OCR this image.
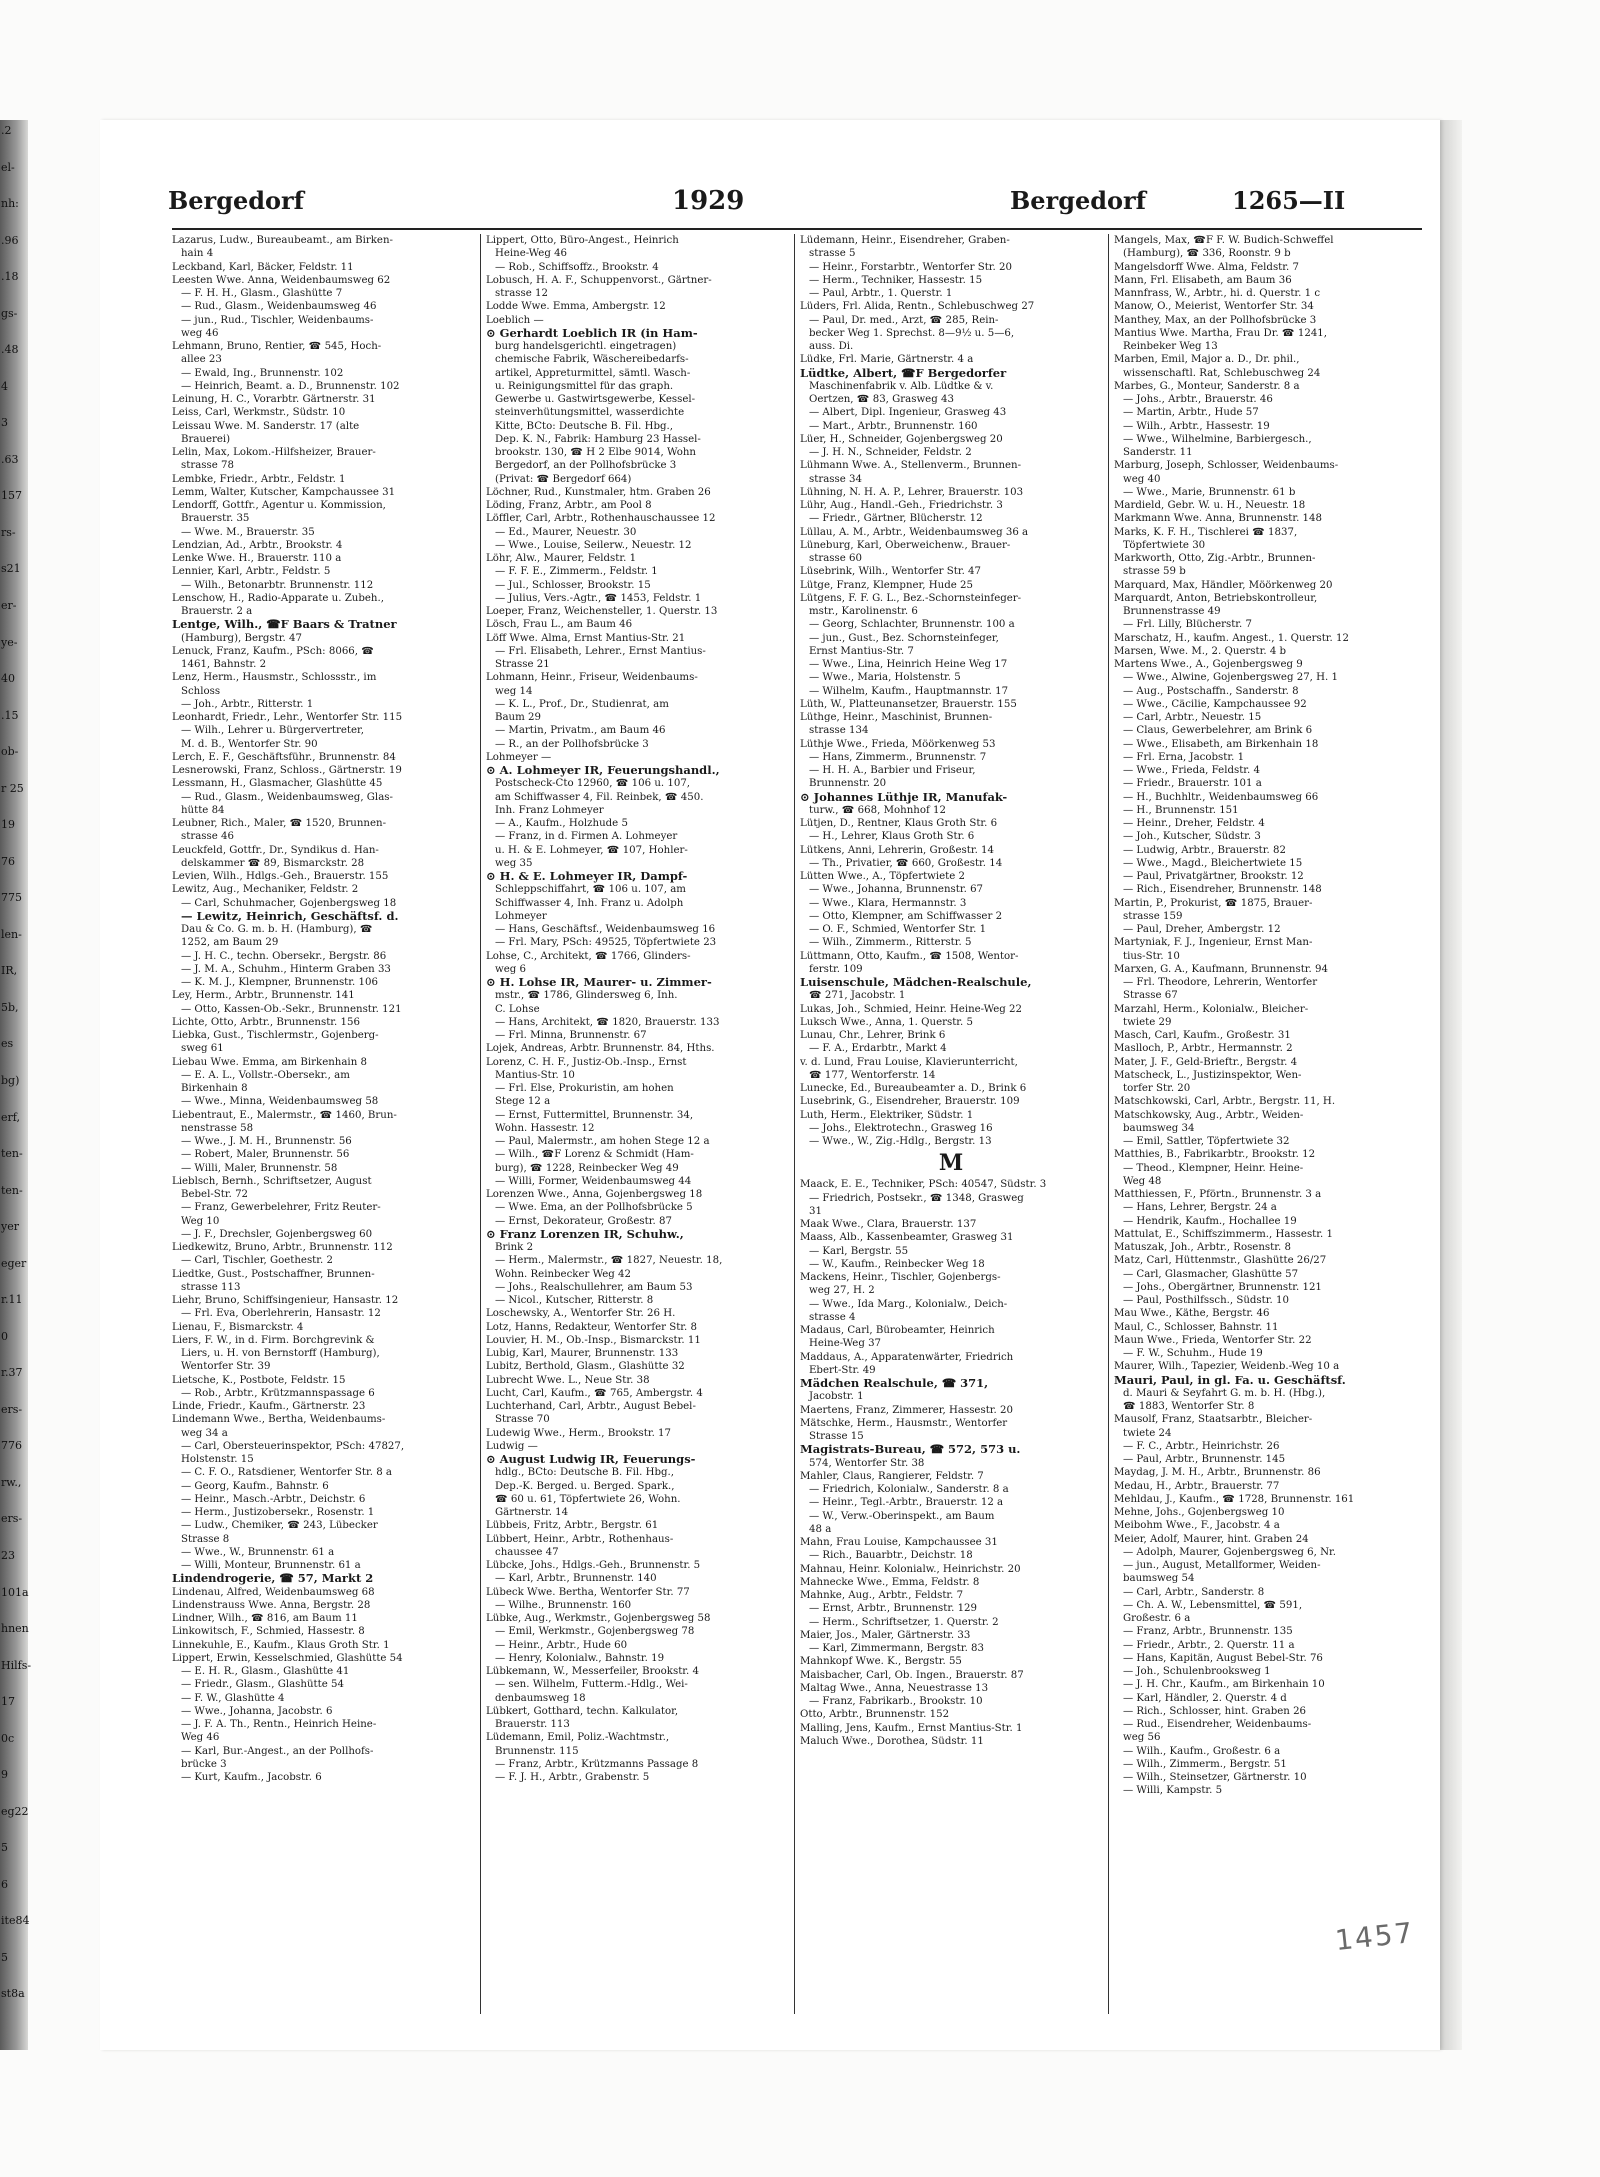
.2
el-
nh:
.96
.18
gs-
.48
4
3
.63
157
rs-
s21
er-
ye-
40
.15
ob-
r 25
19
76
775
len-
IR,
5b,
es
bg)
erf,
ten-
ten-
yer
eger
r.11
0
r.37
ers-
776
rw.,
ers-
23
101a
hnen
Hilfs-
17
0c
9
eg22
5
6
ite84
5
st8a
Bergedorf	1929	Bergedorf	1265—II
Lazarus, Ludw., Bureaubeamt., am Birken-
hain 4
Leckband, Karl, Bäcker, Feldstr. 11
Leesten Wwe. Anna, Weidenbaumsweg 62
— F. H. H., Glasm., Glashütte 7
— Rud., Glasm., Weidenbaumsweg 46
— jun., Rud., Tischler, Weidenbaums-
weg 46
Lehmann, Bruno, Rentier, ☎ 545, Hoch-
allee 23
— Ewald, Ing., Brunnenstr. 102
— Heinrich, Beamt. a. D., Brunnenstr. 102
Leinung, H. C., Vorarbtr. Gärtnerstr. 31
Leiss, Carl, Werkmstr., Südstr. 10
Leissau Wwe. M. Sanderstr. 17 (alte
Brauerei)
Lelin, Max, Lokom.-Hilfsheizer, Brauer-
strasse 78
Lembke, Friedr., Arbtr., Feldstr. 1
Lemm, Walter, Kutscher, Kampchaussee 31
Lendorff, Gottfr., Agentur u. Kommission,
Brauerstr. 35
— Wwe. M., Brauerstr. 35
Lendzian, Ad., Arbtr., Brookstr. 4
Lenke Wwe. H., Brauerstr. 110 a
Lennier, Karl, Arbtr., Feldstr. 5
— Wilh., Betonarbtr. Brunnenstr. 112
Lenschow, H., Radio-Apparate u. Zubeh.,
Brauerstr. 2 a
Lentge, Wilh., ☎F Baars & Tratner
(Hamburg), Bergstr. 47
Lenuck, Franz, Kaufm., PSch: 8066, ☎
1461, Bahnstr. 2
Lenz, Herm., Hausmstr., Schlossstr., im
Schloss
— Joh., Arbtr., Ritterstr. 1
Leonhardt, Friedr., Lehr., Wentorfer Str. 115
— Wilh., Lehrer u. Bürgervertreter,
M. d. B., Wentorfer Str. 90
Lerch, E. F., Geschäftsführ., Brunnenstr. 84
Lesnerowski, Franz, Schloss., Gärtnerstr. 19
Lessmann, H., Glasmacher, Glashütte 45
— Rud., Glasm., Weidenbaumsweg, Glas-
hütte 84
Leubner, Rich., Maler, ☎ 1520, Brunnen-
strasse 46
Leuckfeld, Gottfr., Dr., Syndikus d. Han-
delskammer ☎ 89, Bismarckstr. 28
Levien, Wilh., Hdlgs.-Geh., Brauerstr. 155
Lewitz, Aug., Mechaniker, Feldstr. 2
— Carl, Schuhmacher, Gojenbergsweg 18
— Lewitz, Heinrich, Geschäftsf. d.
Dau & Co. G. m. b. H. (Hamburg), ☎
1252, am Baum 29
— J. H. C., techn. Obersekr., Bergstr. 86
— J. M. A., Schuhm., Hinterm Graben 33
— K. M. J., Klempner, Brunnenstr. 106
Ley, Herm., Arbtr., Brunnenstr. 141
— Otto, Kassen-Ob.-Sekr., Brunnenstr. 121
Lichte, Otto, Arbtr., Brunnenstr. 156
Liebka, Gust., Tischlermstr., Gojenberg-
sweg 61
Liebau Wwe. Emma, am Birkenhain 8
— E. A. L., Vollstr.-Obersekr., am
Birkenhain 8
— Wwe., Minna, Weidenbaumsweg 58
Liebentraut, E., Malermstr., ☎ 1460, Brun-
nenstrasse 58
— Wwe., J. M. H., Brunnenstr. 56
— Robert, Maler, Brunnenstr. 56
— Willi, Maler, Brunnenstr. 58
Lieblsch, Bernh., Schriftsetzer, August
Bebel-Str. 72
— Franz, Gewerbelehrer, Fritz Reuter-
Weg 10
— J. F., Drechsler, Gojenbergsweg 60
Liedkewitz, Bruno, Arbtr., Brunnenstr. 112
— Carl, Tischler, Goethestr. 2
Liedtke, Gust., Postschaffner, Brunnen-
strasse 113
Liehr, Bruno, Schiffsingenieur, Hansastr. 12
— Frl. Eva, Oberlehrerin, Hansastr. 12
Lienau, F., Bismarckstr. 4
Liers, F. W., in d. Firm. Borchgrevink &
Liers, u. H. von Bernstorff (Hamburg),
Wentorfer Str. 39
Lietsche, K., Postbote, Feldstr. 15
— Rob., Arbtr., Krützmannspassage 6
Linde, Friedr., Kaufm., Gärtnerstr. 23
Lindemann Wwe., Bertha, Weidenbaums-
weg 34 a
— Carl, Obersteuerinspektor, PSch: 47827,
Holstenstr. 15
— C. F. O., Ratsdiener, Wentorfer Str. 8 a
— Georg, Kaufm., Bahnstr. 6
— Heinr., Masch.-Arbtr., Deichstr. 6
— Herm., Justizobersekr., Rosenstr. 1
— Ludw., Chemiker, ☎ 243, Lübecker
Strasse 8
— Wwe., W., Brunnenstr. 61 a
— Willi, Monteur, Brunnenstr. 61 a
Lindendrogerie, ☎ 57, Markt 2
Lindenau, Alfred, Weidenbaumsweg 68
Lindenstrauss Wwe. Anna, Bergstr. 28
Lindner, Wilh., ☎ 816, am Baum 11
Linkowitsch, F., Schmied, Hassestr. 8
Linnekuhle, E., Kaufm., Klaus Groth Str. 1
Lippert, Erwin, Kesselschmied, Glashütte 54
— E. H. R., Glasm., Glashütte 41
— Friedr., Glasm., Glashütte 54
— F. W., Glashütte 4
— Wwe., Johanna, Jacobstr. 6
— J. F. A. Th., Rentn., Heinrich Heine-
Weg 46
— Karl, Bur.-Angest., an der Pollhofs-
brücke 3
— Kurt, Kaufm., Jacobstr. 6
Lippert, Otto, Büro-Angest., Heinrich
Heine-Weg 46
— Rob., Schiffsoffz., Brookstr. 4
Lobusch, H. A. F., Schuppenvorst., Gärtner-
strasse 12
Lodde Wwe. Emma, Ambergstr. 12
Loeblich —
⊙ Gerhardt Loeblich IR (in Ham-
burg handelsgerichtl. eingetragen)
chemische Fabrik, Wäschereibedarfs-
artikel, Appreturmittel, sämtl. Wasch-
u. Reinigungsmittel für das graph.
Gewerbe u. Gastwirtsgewerbe, Kessel-
steinverhütungsmittel, wasserdichte
Kitte, BCto: Deutsche B. Fil. Hbg.,
Dep. K. N., Fabrik: Hamburg 23 Hassel-
brookstr. 130, ☎ H 2 Elbe 9014, Wohn
Bergedorf, an der Pollhofsbrücke 3
(Privat: ☎ Bergedorf 664)
Löchner, Rud., Kunstmaler, htm. Graben 26
Löding, Franz, Arbtr., am Pool 8
Löffler, Carl, Arbtr., Rothenhauschaussee 12
— Ed., Maurer, Neuestr. 30
— Wwe., Louise, Seilerw., Neuestr. 12
Löhr, Alw., Maurer, Feldstr. 1
— F. F. E., Zimmerm., Feldstr. 1
— Jul., Schlosser, Brookstr. 15
— Julius, Vers.-Agtr., ☎ 1453, Feldstr. 1
Loeper, Franz, Weichensteller, 1. Querstr. 13
Lösch, Frau L., am Baum 46
Löff Wwe. Alma, Ernst Mantius-Str. 21
— Frl. Elisabeth, Lehrer., Ernst Mantius-
Strasse 21
Lohmann, Heinr., Friseur, Weidenbaums-
weg 14
— K. L., Prof., Dr., Studienrat, am
Baum 29
— Martin, Privatm., am Baum 46
— R., an der Pollhofsbrücke 3
Lohmeyer —
⊙ A. Lohmeyer IR, Feuerungshandl.,
Postscheck-Cto 12960, ☎ 106 u. 107,
am Schiffwasser 4, Fil. Reinbek, ☎ 450.
Inh. Franz Lohmeyer
— A., Kaufm., Holzhude 5
— Franz, in d. Firmen A. Lohmeyer
u. H. & E. Lohmeyer, ☎ 107, Hohler-
weg 35
⊙ H. & E. Lohmeyer IR, Dampf-
Schleppschiffahrt, ☎ 106 u. 107, am
Schiffwasser 4, Inh. Franz u. Adolph
Lohmeyer
— Hans, Geschäftsf., Weidenbaumsweg 16
— Frl. Mary, PSch: 49525, Töpfertwiete 23
Lohse, C., Architekt, ☎ 1766, Glinders-
weg 6
⊙ H. Lohse IR, Maurer- u. Zimmer-
mstr., ☎ 1786, Glindersweg 6, Inh.
C. Lohse
— Hans, Architekt, ☎ 1820, Brauerstr. 133
— Frl. Minna, Brunnenstr. 67
Lojek, Andreas, Arbtr. Brunnenstr. 84, Hths.
Lorenz, C. H. F., Justiz-Ob.-Insp., Ernst
Mantius-Str. 10
— Frl. Else, Prokuristin, am hohen
Stege 12 a
— Ernst, Futtermittel, Brunnenstr. 34,
Wohn. Hassestr. 12
— Paul, Malermstr., am hohen Stege 12 a
— Wilh., ☎F Lorenz & Schmidt (Ham-
burg), ☎ 1228, Reinbecker Weg 49
— Willi, Former, Weidenbaumsweg 44
Lorenzen Wwe., Anna, Gojenbergsweg 18
— Wwe. Ema, an der Pollhofsbrücke 5
— Ernst, Dekorateur, Großestr. 87
⊙ Franz Lorenzen IR, Schuhw.,
Brink 2
— Herm., Malermstr., ☎ 1827, Neuestr. 18,
Wohn. Reinbecker Weg 42
— Johs., Realschullehrer, am Baum 53
— Nicol., Kutscher, Ritterstr. 8
Loschewsky, A., Wentorfer Str. 26 H.
Lotz, Hanns, Redakteur, Wentorfer Str. 8
Louvier, H. M., Ob.-Insp., Bismarckstr. 11
Lubig, Karl, Maurer, Brunnenstr. 133
Lubitz, Berthold, Glasm., Glashütte 32
Lubrecht Wwe. L., Neue Str. 38
Lucht, Carl, Kaufm., ☎ 765, Ambergstr. 4
Luchterhand, Carl, Arbtr., August Bebel-
Strasse 70
Ludewig Wwe., Herm., Brookstr. 17
Ludwig —
⊙ August Ludwig IR, Feuerungs-
hdlg., BCto: Deutsche B. Fil. Hbg.,
Dep.-K. Berged. u. Berged. Spark.,
☎ 60 u. 61, Töpfertwiete 26, Wohn.
Gärtnerstr. 14
Lübbeis, Fritz, Arbtr., Bergstr. 61
Lübbert, Heinr., Arbtr., Rothenhaus-
chaussee 47
Lübcke, Johs., Hdlgs.-Geh., Brunnenstr. 5
— Karl, Arbtr., Brunnenstr. 140
Lübeck Wwe. Bertha, Wentorfer Str. 77
— Wilhe., Brunnenstr. 160
Lübke, Aug., Werkmstr., Gojenbergsweg 58
— Emil, Werkmstr., Gojenbergsweg 78
— Heinr., Arbtr., Hude 60
— Henry, Kolonialw., Bahnstr. 19
Lübkemann, W., Messerfeiler, Brookstr. 4
— sen. Wilhelm, Futterm.-Hdlg., Wei-
denbaumsweg 18
Lübkert, Gotthard, techn. Kalkulator,
Brauerstr. 113
Lüdemann, Emil, Poliz.-Wachtmstr.,
Brunnenstr. 115
— Franz, Arbtr., Krützmanns Passage 8
— F. J. H., Arbtr., Grabenstr. 5
Lüdemann, Heinr., Eisendreher, Graben-
strasse 5
— Heinr., Forstarbtr., Wentorfer Str. 20
— Herm., Techniker, Hassestr. 15
— Paul, Arbtr., 1. Querstr. 1
Lüders, Frl. Alida, Rentn., Schlebuschweg 27
— Paul, Dr. med., Arzt, ☎ 285, Rein-
becker Weg 1. Sprechst. 8—9½ u. 5—6,
auss. Di.
Lüdke, Frl. Marie, Gärtnerstr. 4 a
Lüdtke, Albert, ☎F Bergedorfer
Maschinenfabrik v. Alb. Lüdtke & v.
Oertzen, ☎ 83, Grasweg 43
— Albert, Dipl. Ingenieur, Grasweg 43
— Mart., Arbtr., Brunnenstr. 160
Lüer, H., Schneider, Gojenbergsweg 20
— J. H. N., Schneider, Feldstr. 2
Lühmann Wwe. A., Stellenverm., Brunnen-
strasse 34
Lühning, N. H. A. P., Lehrer, Brauerstr. 103
Lühr, Aug., Handl.-Geh., Friedrichstr. 3
— Friedr., Gärtner, Blücherstr. 12
Lüllau, A. M., Arbtr., Weidenbaumsweg 36 a
Lüneburg, Karl, Oberweichenw., Brauer-
strasse 60
Lüsebrink, Wilh., Wentorfer Str. 47
Lütge, Franz, Klempner, Hude 25
Lütgens, F. F. G. L., Bez.-Schornsteinfeger-
mstr., Karolinenstr. 6
— Georg, Schlachter, Brunnenstr. 100 a
— jun., Gust., Bez. Schornsteinfeger,
Ernst Mantius-Str. 7
— Wwe., Lina, Heinrich Heine Weg 17
— Wwe., Maria, Holstenstr. 5
— Wilhelm, Kaufm., Hauptmannstr. 17
Lüth, W., Platteunansetzer, Brauerstr. 155
Lüthge, Heinr., Maschinist, Brunnen-
strasse 134
Lüthje Wwe., Frieda, Möörkenweg 53
— Hans, Zimmerm., Brunnenstr. 7
— H. H. A., Barbier und Friseur,
Brunnenstr. 20
⊙ Johannes Lüthje IR, Manufak-
turw., ☎ 668, Mohnhof 12
Lütjen, D., Rentner, Klaus Groth Str. 6
— H., Lehrer, Klaus Groth Str. 6
Lütkens, Anni, Lehrerin, Großestr. 14
— Th., Privatier, ☎ 660, Großestr. 14
Lütten Wwe., A., Töpfertwiete 2
— Wwe., Johanna, Brunnenstr. 67
— Wwe., Klara, Hermannstr. 3
— Otto, Klempner, am Schiffwasser 2
— O. F., Schmied, Wentorfer Str. 1
— Wilh., Zimmerm., Ritterstr. 5
Lüttmann, Otto, Kaufm., ☎ 1508, Wentor-
ferstr. 109
Luisenschule, Mädchen-Realschule,
☎ 271, Jacobstr. 1
Lukas, Joh., Schmied, Heinr. Heine-Weg 22
Luksch Wwe., Anna, 1. Querstr. 5
Lunau, Chr., Lehrer, Brink 6
— F. A., Erdarbtr., Markt 4
v. d. Lund, Frau Louise, Klavierunterricht,
☎ 177, Wentorferstr. 14
Lunecke, Ed., Bureaubeamter a. D., Brink 6
Lusebrink, G., Eisendreher, Brauerstr. 109
Luth, Herm., Elektriker, Südstr. 1
— Johs., Elektrotechn., Grasweg 16
— Wwe., W., Zig.-Hdlg., Bergstr. 13
M
Maack, E. E., Techniker, PSch: 40547, Südstr. 3
— Friedrich, Postsekr., ☎ 1348, Grasweg
31
Maak Wwe., Clara, Brauerstr. 137
Maass, Alb., Kassenbeamter, Grasweg 31
— Karl, Bergstr. 55
— W., Kaufm., Reinbecker Weg 18
Mackens, Heinr., Tischler, Gojenbergs-
weg 27, H. 2
— Wwe., Ida Marg., Kolonialw., Deich-
strasse 4
Madaus, Carl, Bürobeamter, Heinrich
Heine-Weg 37
Maddaus, A., Apparatenwärter, Friedrich
Ebert-Str. 49
Mädchen Realschule, ☎ 371,
Jacobstr. 1
Maertens, Franz, Zimmerer, Hassestr. 20
Mätschke, Herm., Hausmstr., Wentorfer
Strasse 15
Magistrats-Bureau, ☎ 572, 573 u.
574, Wentorfer Str. 38
Mahler, Claus, Rangierer, Feldstr. 7
— Friedrich, Kolonialw., Sanderstr. 8 a
— Heinr., Tegl.-Arbtr., Brauerstr. 12 a
— W., Verw.-Oberinspekt., am Baum
48 a
Mahn, Frau Louise, Kampchaussee 31
— Rich., Bauarbtr., Deichstr. 18
Mahnau, Heinr. Kolonialw., Heinrichstr. 20
Mahnecke Wwe., Emma, Feldstr. 8
Mahnke, Aug., Arbtr., Feldstr. 7
— Ernst, Arbtr., Brunnenstr. 129
— Herm., Schriftsetzer, 1. Querstr. 2
Maier, Jos., Maler, Gärtnerstr. 33
— Karl, Zimmermann, Bergstr. 83
Mahnkopf Wwe. K., Bergstr. 55
Maisbacher, Carl, Ob. Ingen., Brauerstr. 87
Maltag Wwe., Anna, Neuestrasse 13
— Franz, Fabrikarb., Brookstr. 10
Otto, Arbtr., Brunnenstr. 152
Malling, Jens, Kaufm., Ernst Mantius-Str. 1
Maluch Wwe., Dorothea, Südstr. 11
Mangels, Max, ☎F F. W. Budich-Schweffel
(Hamburg), ☎ 336, Roonstr. 9 b
Mangelsdorff Wwe. Alma, Feldstr. 7
Mann, Frl. Elisabeth, am Baum 36
Mannfrass, W., Arbtr., hi. d. Querstr. 1 c
Manow, O., Meierist, Wentorfer Str. 34
Manthey, Max, an der Pollhofsbrücke 3
Mantius Wwe. Martha, Frau Dr. ☎ 1241,
Reinbeker Weg 13
Marben, Emil, Major a. D., Dr. phil.,
wissenschaftl. Rat, Schlebuschweg 24
Marbes, G., Monteur, Sanderstr. 8 a
— Johs., Arbtr., Brauerstr. 46
— Martin, Arbtr., Hude 57
— Wilh., Arbtr., Hassestr. 19
— Wwe., Wilhelmine, Barbiergesch.,
Sanderstr. 11
Marburg, Joseph, Schlosser, Weidenbaums-
weg 40
— Wwe., Marie, Brunnenstr. 61 b
Mardield, Gebr. W. u. H., Neuestr. 18
Markmann Wwe. Anna, Brunnenstr. 148
Marks, K. F. H., Tischlerei ☎ 1837,
Töpfertwiete 30
Markworth, Otto, Zig.-Arbtr., Brunnen-
strasse 59 b
Marquard, Max, Händler, Möörkenweg 20
Marquardt, Anton, Betriebskontrolleur,
Brunnenstrasse 49
— Frl. Lilly, Blücherstr. 7
Marschatz, H., kaufm. Angest., 1. Querstr. 12
Marsen, Wwe. M., 2. Querstr. 4 b
Martens Wwe., A., Gojenbergsweg 9
— Wwe., Alwine, Gojenbergsweg 27, H. 1
— Aug., Postschaffn., Sanderstr. 8
— Wwe., Cäcilie, Kampchaussee 92
— Carl, Arbtr., Neuestr. 15
— Claus, Gewerbelehrer, am Brink 6
— Wwe., Elisabeth, am Birkenhain 18
— Frl. Erna, Jacobstr. 1
— Wwe., Frieda, Feldstr. 4
— Friedr., Brauerstr. 101 a
— H., Buchhltr., Weidenbaumsweg 66
— H., Brunnenstr. 151
— Heinr., Dreher, Feldstr. 4
— Joh., Kutscher, Südstr. 3
— Ludwig, Arbtr., Brauerstr. 82
— Wwe., Magd., Bleichertwiete 15
— Paul, Privatgärtner, Brookstr. 12
— Rich., Eisendreher, Brunnenstr. 148
Martin, P., Prokurist, ☎ 1875, Brauer-
strasse 159
— Paul, Dreher, Ambergstr. 12
Martyniak, F. J., Ingenieur, Ernst Man-
tius-Str. 10
Marxen, G. A., Kaufmann, Brunnenstr. 94
— Frl. Theodore, Lehrerin, Wentorfer
Strasse 67
Marzahl, Herm., Kolonialw., Bleicher-
twiete 29
Masch, Carl, Kaufm., Großestr. 31
Maslloch, P., Arbtr., Hermannstr. 2
Mater, J. F., Geld-Brieftr., Bergstr. 4
Matscheck, L., Justizinspektor, Wen-
torfer Str. 20
Matschkowski, Carl, Arbtr., Bergstr. 11, H.
Matschkowsky, Aug., Arbtr., Weiden-
baumsweg 34
— Emil, Sattler, Töpfertwiete 32
Matthies, B., Fabrikarbtr., Brookstr. 12
— Theod., Klempner, Heinr. Heine-
Weg 48
Matthiessen, F., Pförtn., Brunnenstr. 3 a
— Hans, Lehrer, Bergstr. 24 a
— Hendrik, Kaufm., Hochallee 19
Mattulat, E., Schiffszimmerm., Hassestr. 1
Matuszak, Joh., Arbtr., Rosenstr. 8
Matz, Carl, Hüttenmstr., Glashütte 26/27
— Carl, Glasmacher, Glashütte 57
— Johs., Obergärtner, Brunnenstr. 121
— Paul, Posthilfssch., Südstr. 10
Mau Wwe., Käthe, Bergstr. 46
Maul, C., Schlosser, Bahnstr. 11
Maun Wwe., Frieda, Wentorfer Str. 22
— F. W., Schuhm., Hude 19
Maurer, Wilh., Tapezier, Weidenb.-Weg 10 a
Mauri, Paul, in gl. Fa. u. Geschäftsf.
d. Mauri & Seyfahrt G. m. b. H. (Hbg.),
☎ 1883, Wentorfer Str. 8
Mausolf, Franz, Staatsarbtr., Bleicher-
twiete 24
— F. C., Arbtr., Heinrichstr. 26
— Paul, Arbtr., Brunnenstr. 145
Maydag, J. M. H., Arbtr., Brunnenstr. 86
Medau, H., Arbtr., Brauerstr. 77
Mehldau, J., Kaufm., ☎ 1728, Brunnenstr. 161
Mehne, Johs., Gojenbergsweg 10
Meibohm Wwe., F., Jacobstr. 4 a
Meier, Adolf, Maurer, hint. Graben 24
— Adolph, Maurer, Gojenbergsweg 6, Nr.
— jun., August, Metallformer, Weiden-
baumsweg 54
— Carl, Arbtr., Sanderstr. 8
— Ch. A. W., Lebensmittel, ☎ 591,
Großestr. 6 a
— Franz, Arbtr., Brunnenstr. 135
— Friedr., Arbtr., 2. Querstr. 11 a
— Hans, Kapitän, August Bebel-Str. 76
— Joh., Schulenbrooksweg 1
— J. H. Chr., Kaufm., am Birkenhain 10
— Karl, Händler, 2. Querstr. 4 d
— Rich., Schlosser, hint. Graben 26
— Rud., Eisendreher, Weidenbaums-
weg 56
— Wilh., Kaufm., Großestr. 6 a
— Wilh., Zimmerm., Bergstr. 51
— Wilh., Steinsetzer, Gärtnerstr. 10
— Willi, Kampstr. 5
1457
